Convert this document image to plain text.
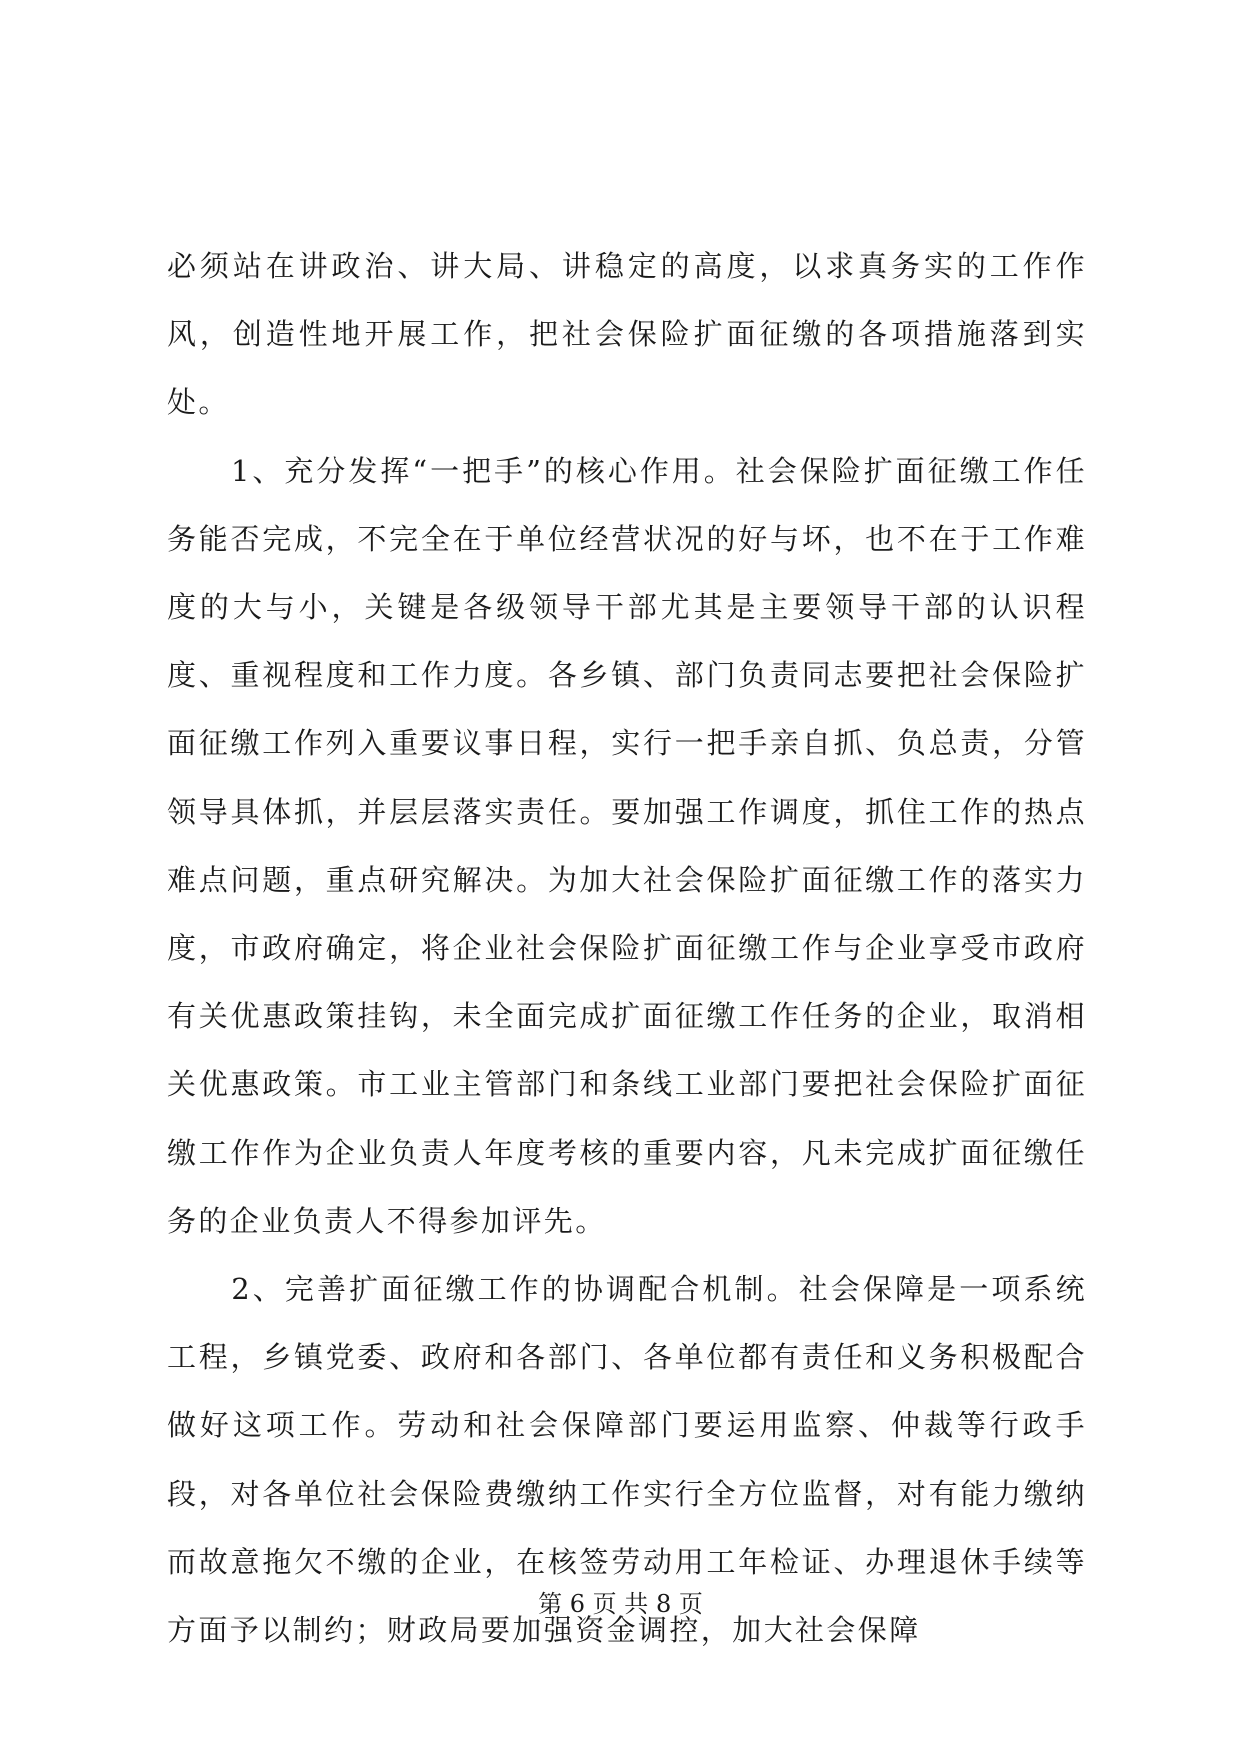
必须站在讲政治、讲大局、讲稳定的高度，以求真务实的工作作风，创造性地开展工作，把社会保险扩面征缴的各项措施落到实处。

　　1、充分发挥“一把手”的核心作用。社会保险扩面征缴工作任务能否完成，不完全在于单位经营状况的好与坏，也不在于工作难度的大与小，关键是各级领导干部尤其是主要领导干部的认识程度、重视程度和工作力度。各乡镇、部门负责同志要把社会保险扩面征缴工作列入重要议事日程，实行一把手亲自抓、负总责，分管领导具体抓，并层层落实责任。要加强工作调度，抓住工作的热点难点问题，重点研究解决。为加大社会保险扩面征缴工作的落实力度，市政府确定，将企业社会保险扩面征缴工作与企业享受市政府有关优惠政策挂钩，未全面完成扩面征缴工作任务的企业，取消相关优惠政策。市工业主管部门和条线工业部门要把社会保险扩面征缴工作作为企业负责人年度考核的重要内容，凡未完成扩面征缴任务的企业负责人不得参加评先。

　　2、完善扩面征缴工作的协调配合机制。社会保障是一项系统工程，乡镇党委、政府和各部门、各单位都有责任和义务积极配合做好这项工作。劳动和社会保障部门要运用监察、仲裁等行政手段，对各单位社会保险费缴纳工作实行全方位监督，对有能力缴纳而故意拖欠不缴的企业，在核签劳动用工年检证、办理退休手续等方面予以制约；财政局要加强资金调控，加大社会保障

第 6 页 共 8 页
